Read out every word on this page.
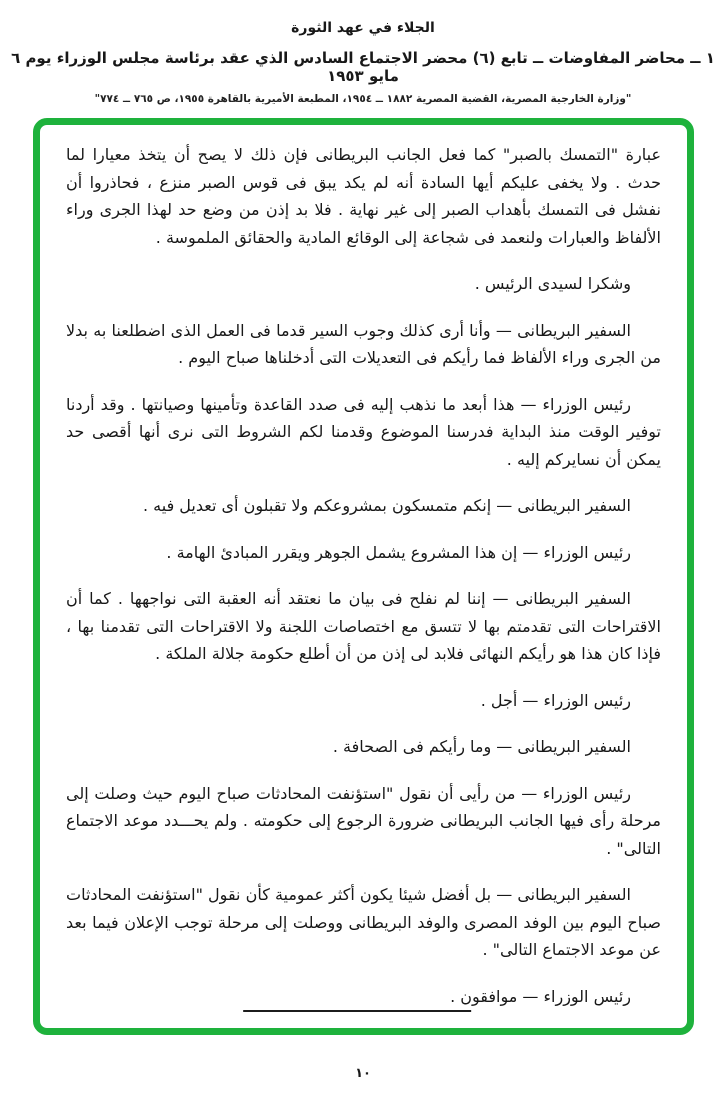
الجلاء في عهد الثورة
١ ــ محاضر المفاوضات ــ تابع (٦) محضر الاجتماع السادس الذي عقد برئاسة مجلس الوزراء يوم ٦ مايو ١٩٥٣
"وزارة الخارجية المصرية، القضية المصرية ١٨٨٢ ــ ١٩٥٤، المطبعة الأميرية بالقاهرة ١٩٥٥، ص ٧٦٥ ــ ٧٧٤"

عبارة "التمسك بالصبر" كما فعل الجانب البريطانى فإن ذلك لا يصح أن يتخذ معيارا لما حدث . ولا يخفى عليكم أيها السادة أنه لم يكد يبق فى قوس الصبر منزع ، فحاذروا أن نفشل فى التمسك بأهداب الصبر إلى غير نهاية . فلا بد إذن من وضع حد لهذا الجرى وراء الألفاظ والعبارات ولنعمد فى شجاعة إلى الوقائع المادية والحقائق الملموسة .

وشكرا لسيدى الرئيس .

السفير البريطانى — وأنا أرى كذلك وجوب السير قدما فى العمل الذى اضطلعنا به بدلا من الجرى وراء الألفاظ فما رأيكم فى التعديلات التى أدخلناها صباح اليوم .

رئيس الوزراء — هذا أبعد ما نذهب إليه فى صدد القاعدة وتأمينها وصيانتها . وقد أردنا توفير الوقت منذ البداية فدرسنا الموضوع وقدمنا لكم الشروط التى نرى أنها أقصى حد يمكن أن نسايركم إليه .

السفير البريطانى — إنكم متمسكون بمشروعكم ولا تقبلون أى تعديل فيه .

رئيس الوزراء — إن هذا المشروع يشمل الجوهر ويقرر المبادئ الهامة .

السفير البريطانى — إننا لم نفلح فى بيان ما نعتقد أنه العقبة التى نواجهها . كما أن الاقتراحات التى تقدمتم بها لا تتسق مع اختصاصات اللجنة ولا الاقتراحات التى تقدمنا بها ، فإذا كان هذا هو رأيكم النهائى فلابد لى إذن من أن أطلع حكومة جلالة الملكة .

رئيس الوزراء — أجل .

السفير البريطانى — وما رأيكم فى الصحافة .

رئيس الوزراء — من رأيى أن نقول "استؤنفت المحادثات صباح اليوم حيث وصلت إلى مرحلة رأى فيها الجانب البريطانى ضرورة الرجوع إلى حكومته . ولم يحـــدد موعد الاجتماع التالى" .

السفير البريطانى — بل أفضل شيئا يكون أكثر عمومية كأن نقول "استؤنفت المحادثات صباح اليوم بين الوفد المصرى والوفد البريطانى ووصلت إلى مرحلة توجب الإعلان فيما بعد عن موعد الاجتماع التالى" .

رئيس الوزراء — موافقون .

١٠
